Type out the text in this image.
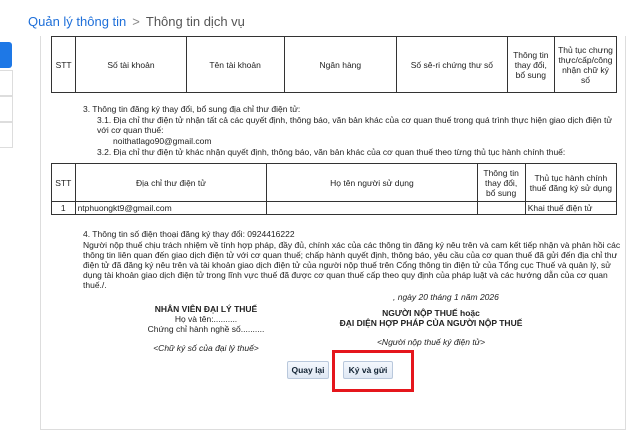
Quản lý thông tin > Thông tin dịch vụ
STT	Số tài khoản	Tên tài khoản	Ngân hàng	Số sê-ri chứng thư số	Thông tin thay đổi, bổ sung	Thủ tục chưng thực/cấp/công nhận chữ ký số
3. Thông tin đăng ký thay đổi, bổ sung địa chỉ thư điện tử:
3.1. Địa chỉ thư điện tử nhận tất cả các quyết định, thông báo, văn bản khác của cơ quan thuế trong quá trình thực hiện giao dịch điện tử
với cơ quan thuế:
noithatlago90@gmail.com
3.2. Địa chỉ thư điện tử khác nhận quyết định, thông báo, văn bản khác của cơ quan thuế theo từng thủ tục hành chính thuế:
STT	Địa chỉ thư điện tử	Họ tên người sử dụng	Thông tin thay đổi, bổ sung	Thủ tục hành chính thuế đăng ký sử dụng
1	ntphuongkt9@gmail.com			Khai thuế điện tử
4. Thông tin số điện thoại đăng ký thay đổi: 0924416222
Người nộp thuế chịu trách nhiệm về tính hợp pháp, đầy đủ, chính xác của các thông tin đăng ký nêu trên và cam kết tiếp nhận và phản hồi các
thông tin liên quan đến giao dịch điện tử với cơ quan thuế; chấp hành quyết định, thông báo, yêu cầu của cơ quan thuế đã gửi đến địa chỉ thư
điện tử đã đăng ký nêu trên và tài khoản giao dịch điện tử của người nộp thuế trên Cổng thông tin điện tử của Tổng cục Thuế và quản lý, sử
dụng tài khoản giao dịch điện tử trong lĩnh vực thuế đã được cơ quan thuế cấp theo quy định của pháp luật và các hướng dẫn của cơ quan
thuế./.
, ngày 20 tháng 1 năm 2026
NHÂN VIÊN ĐẠI LÝ THUẾ
Họ và tên:..........
Chứng chỉ hành nghề số..........
<Chữ ký số của đại lý thuế>
NGƯỜI NỘP THUẾ hoặc
ĐẠI DIỆN HỢP PHÁP CỦA NGƯỜI NỘP THUẾ
<Người nộp thuế ký điện tử>
Quay lại	Ký và gửi
